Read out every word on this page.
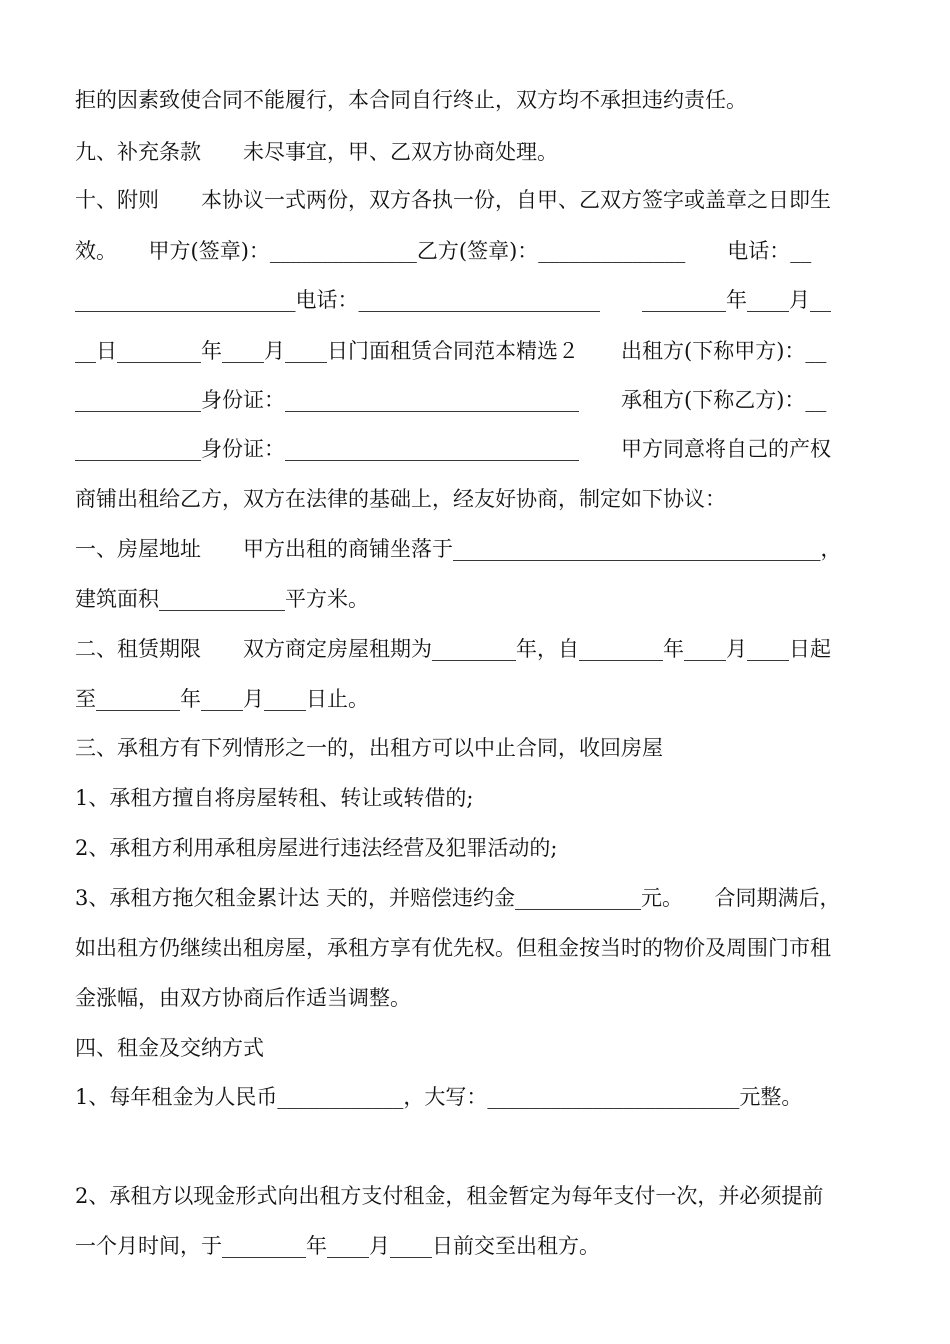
拒的因素致使合同不能履行，本合同自行终止，双方均不承担违约责任。
九、补充条款　　未尽事宜，甲、乙双方协商处理。
十、附则　　本协议一式两份，双方各执一份，自甲、乙双方签字或盖章之日即生
效。　　甲方(签章)：______________乙方(签章)：______________　　电话：__
_____________________电话：_______________________　　________年____月__
__日________年____月____日门面租赁合同范本精选２　　出租方(下称甲方)：__
____________身份证：____________________________　　承租方(下称乙方)：__
____________身份证：____________________________　　甲方同意将自己的产权
商铺出租给乙方，双方在法律的基础上，经友好协商，制定如下协议：
一、房屋地址　　甲方出租的商铺坐落于___________________________________，
建筑面积____________平方米。
二、租赁期限　　双方商定房屋租期为________年，自________年____月____日起
至________年____月____日止。
三、承租方有下列情形之一的，出租方可以中止合同，收回房屋
1、承租方擅自将房屋转租、转让或转借的;
2、承租方利用承租房屋进行违法经营及犯罪活动的;
3、承租方拖欠租金累计达 天的，并赔偿违约金____________元。　　合同期满后，
如出租方仍继续出租房屋，承租方享有优先权。但租金按当时的物价及周围门市租
金涨幅，由双方协商后作适当调整。
四、租金及交纳方式
1、每年租金为人民币____________，大写：________________________元整。
2、承租方以现金形式向出租方支付租金，租金暂定为每年支付一次，并必须提前
一个月时间，于________年____月____日前交至出租方。
